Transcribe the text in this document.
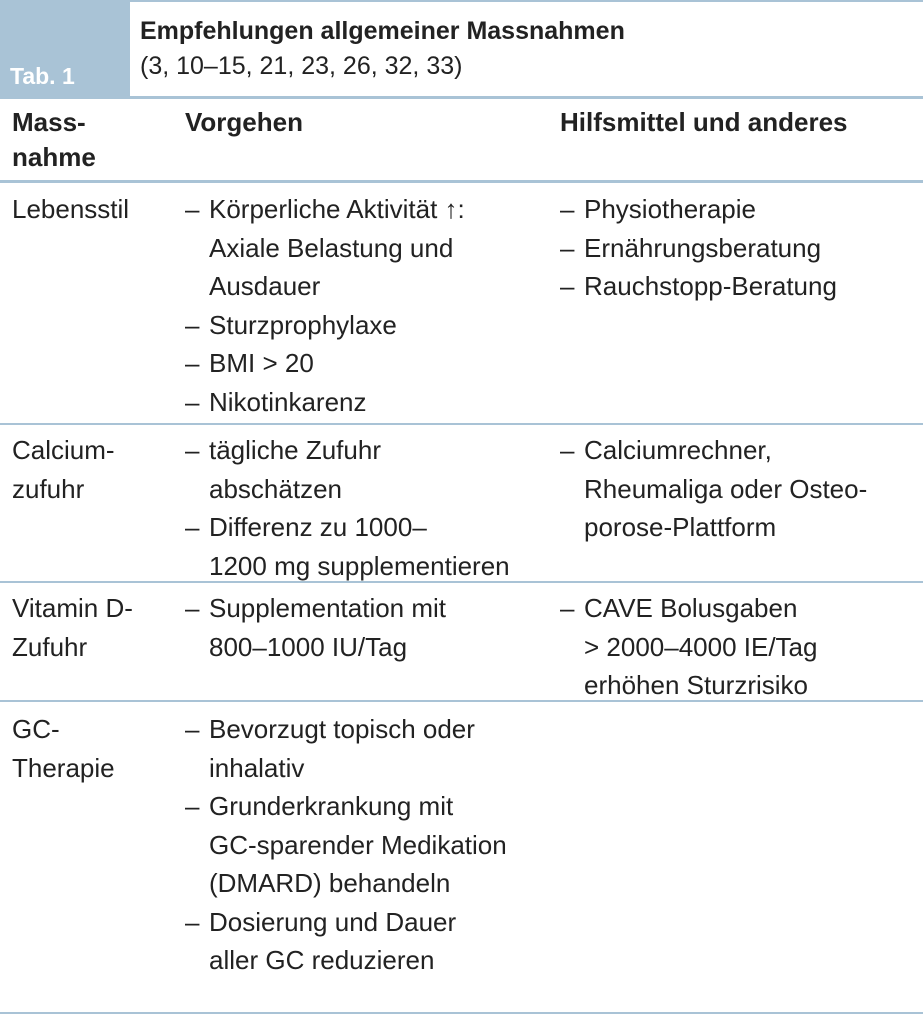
Tab. 1
Empfehlungen allgemeiner Massnahmen
(3, 10–15, 21, 23, 26, 32, 33)
Mass-
nahme
Vorgehen	Hilfsmittel und anderes
Lebensstil – Körperliche Aktivität ↑:
Axiale Belastung und
Ausdauer
– Sturzprophylaxe
– BMI > 20
– Nikotinkarenz
– Physiotherapie
– Ernährungsberatung
– Rauchstopp-Beratung
Calcium-
zufuhr
– tägliche Zufuhr
abschätzen
– Differenz zu 1000–
1200 mg supplementieren
– Calciumrechner,
Rheumaliga oder Osteo-
porose-Plattform
Vitamin D-
Zufuhr
– Supplementation mit
800–1000 IU/Tag
– CAVE Bolusgaben
> 2000–4000 IE/Tag
erhöhen Sturzrisiko
GC-
Therapie
– Bevorzugt topisch oder
inhalativ
– Grunderkrankung mit
GC-sparender Medikation
(DMARD) behandeln
– Dosierung und Dauer
aller GC reduzieren
